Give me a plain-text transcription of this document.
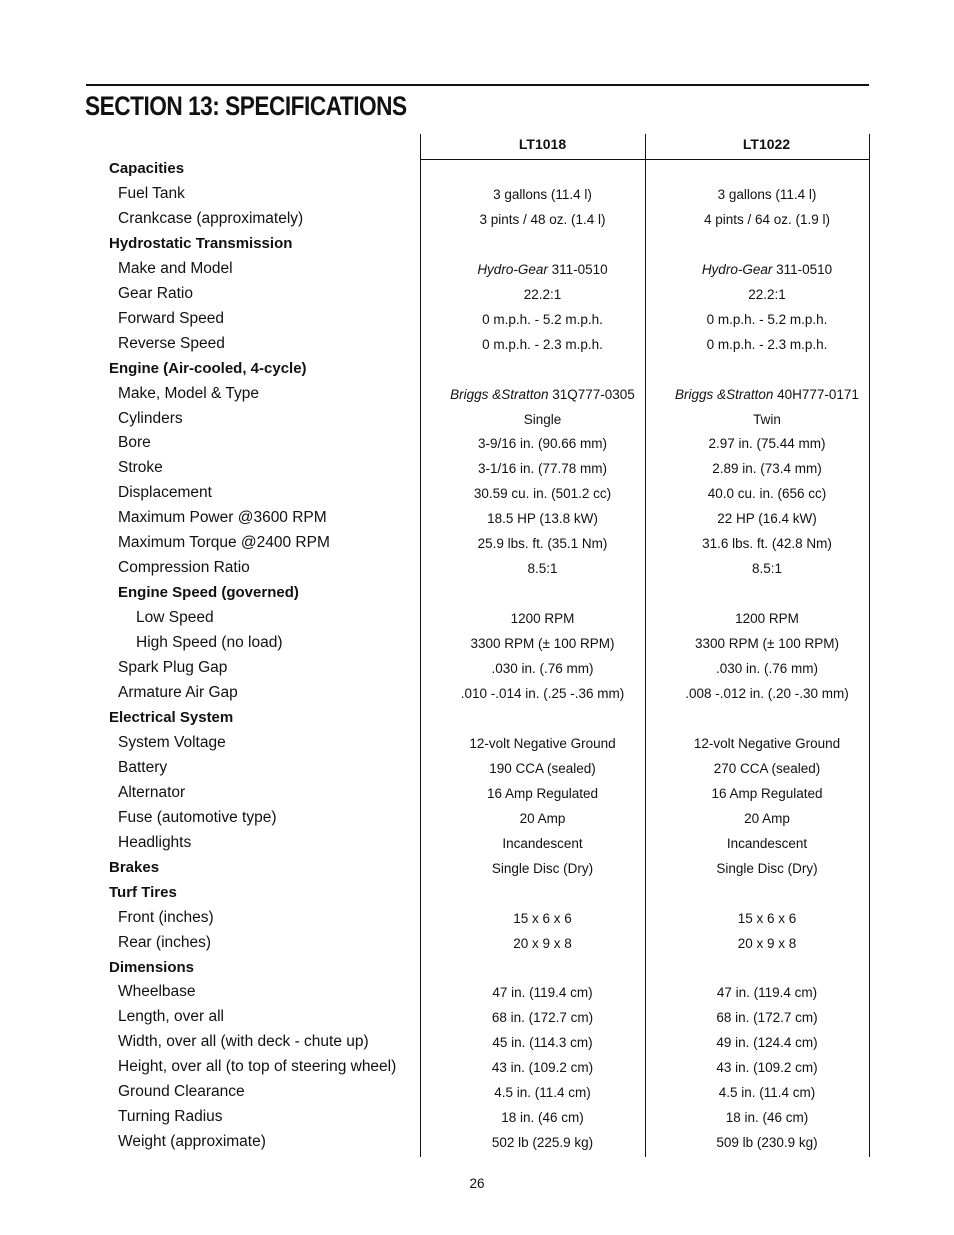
SECTION 13: SPECIFICATIONS
LT1018	LT1022
Capacities
Fuel Tank	3 gallons (11.4 l)	3 gallons (11.4 l)
Crankcase (approximately)	3 pints / 48 oz. (1.4 l)	4 pints / 64 oz. (1.9 l)
Hydrostatic Transmission
Make and Model	Hydro-Gear 311-0510	Hydro-Gear 311-0510
Gear Ratio	22.2:1	22.2:1
Forward Speed	0 m.p.h. - 5.2 m.p.h.	0 m.p.h. - 5.2 m.p.h.
Reverse Speed	0 m.p.h. - 2.3 m.p.h.	0 m.p.h. - 2.3 m.p.h.
Engine (Air-cooled, 4-cycle)
Make, Model & Type	Briggs &Stratton 31Q777-0305	Briggs &Stratton 40H777-0171
Cylinders	Single	Twin
Bore	3-9/16 in. (90.66 mm)	2.97 in. (75.44 mm)
Stroke	3-1/16 in. (77.78 mm)	2.89 in. (73.4 mm)
Displacement	30.59 cu. in. (501.2 cc)	40.0 cu. in. (656 cc)
Maximum Power @3600 RPM	18.5 HP (13.8 kW)	22 HP (16.4 kW)
Maximum Torque @2400 RPM	25.9 lbs. ft. (35.1 Nm)	31.6 lbs. ft. (42.8 Nm)
Compression Ratio	8.5:1	8.5:1
Engine Speed (governed)
Low Speed	1200 RPM	1200 RPM
High Speed (no load)	3300 RPM (± 100 RPM)	3300 RPM (± 100 RPM)
Spark Plug Gap	.030 in. (.76 mm)	.030 in. (.76 mm)
Armature Air Gap	.010 -.014 in. (.25 -.36 mm)	.008 -.012 in. (.20 -.30 mm)
Electrical System
System Voltage	12-volt Negative Ground	12-volt Negative Ground
Battery	190 CCA (sealed)	270 CCA (sealed)
Alternator	16 Amp Regulated	16 Amp Regulated
Fuse (automotive type)	20 Amp	20 Amp
Headlights	Incandescent	Incandescent
Brakes	Single Disc (Dry)	Single Disc (Dry)
Turf Tires
Front (inches)	15 x 6 x 6	15 x 6 x 6
Rear (inches)	20 x 9 x 8	20 x 9 x 8
Dimensions
Wheelbase	47 in. (119.4 cm)	47 in. (119.4 cm)
Length, over all	68 in. (172.7 cm)	68 in. (172.7 cm)
Width, over all (with deck - chute up)	45 in. (114.3 cm)	49 in. (124.4 cm)
Height, over all (to top of steering wheel)	43 in. (109.2 cm)	43 in. (109.2 cm)
Ground Clearance	4.5 in. (11.4 cm)	4.5 in. (11.4 cm)
Turning Radius	18 in. (46 cm)	18 in. (46 cm)
Weight (approximate)	502 lb (225.9 kg)	509 lb (230.9 kg)
26
